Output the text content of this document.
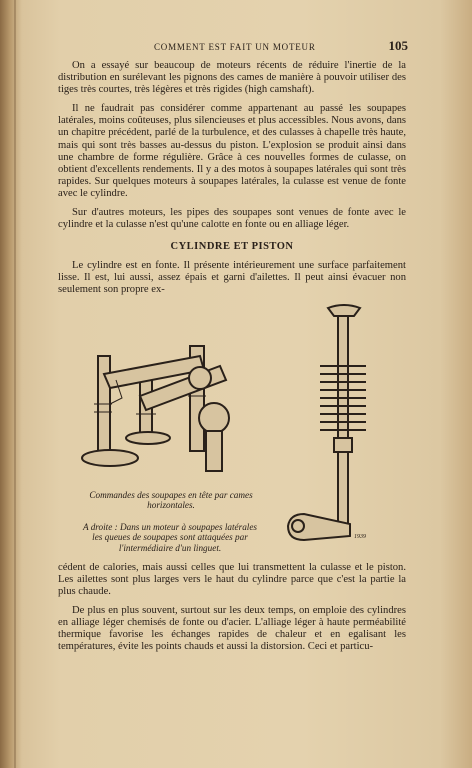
COMMENT EST FAIT UN MOTEUR	105

On a essayé sur beaucoup de moteurs récents de réduire l'inertie de la distribution en surélevant les pignons des cames de manière à pouvoir utiliser des tiges très courtes, très légères et très rigides (high camshaft).

Il ne faudrait pas considérer comme appartenant au passé les soupapes latérales, moins coûteuses, plus silencieuses et plus accessibles. Nous avons, dans un chapitre précédent, parlé de la turbulence, et des culasses à chapelle très haute, mais qui sont très basses au-dessus du piston. L'explosion se produit ainsi dans une chambre de forme régulière. Grâce à ces nouvelles formes de culasse, on obtient d'excellents rendements. Il y a des motos à soupapes latérales qui sont très rapides. Sur quelques moteurs à soupapes latérales, la culasse est venue de fonte avec le cylindre.

Sur d'autres moteurs, les pipes des soupapes sont venues de fonte avec le cylindre et la culasse n'est qu'une calotte en fonte ou en alliage léger.

CYLINDRE ET PISTON

Le cylindre est en fonte. Il présente intérieurement une surface parfaitement lisse. Il est, lui aussi, assez épais et garni d'ailettes. Il peut ainsi évacuer non seulement son propre ex-

Commandes des soupapes en tête par cames horizontales.
A droite : Dans un moteur à soupapes latérales les queues de soupapes sont attaquées par l'intermédiaire d'un linguet.
1939

cédent de calories, mais aussi celles que lui transmettent la culasse et le piston. Les ailettes sont plus larges vers le haut du cylindre parce que c'est la partie la plus chaude.

De plus en plus souvent, surtout sur les deux temps, on emploie des cylindres en alliage léger chemisés de fonte ou d'acier. L'alliage léger à haute perméabilité thermique favorise les échanges rapides de chaleur et en egalisant les températures, évite les points chauds et aussi la distorsion. Ceci et particu-
